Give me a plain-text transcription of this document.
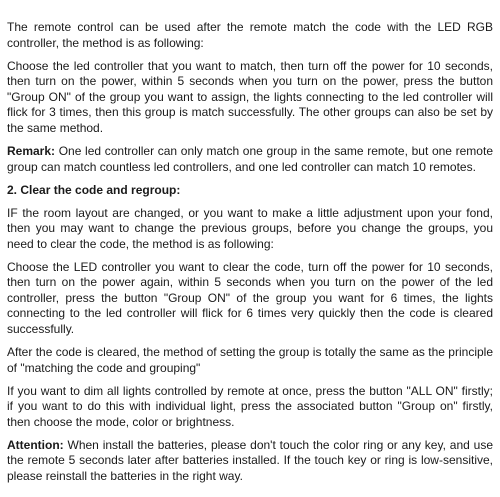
The remote control can be used after the remote match the code with the LED RGB controller, the method is as following:

Choose the led controller that you want to match, then turn off the power for 10 seconds, then turn on the power, within 5 seconds when you turn on the power, press the button "Group ON" of the group you want to assign, the lights connecting to the led controller will flick for 3 times, then this group is match successfully. The other groups can also be set by the same method.

Remark: One led controller can only match one group in the same remote, but one remote group can match countless led controllers, and one led controller can match 10 remotes.

2. Clear the code and regroup:

IF the room layout are changed, or you want to make a little adjustment upon your fond, then you may want to change the previous groups, before you change the groups, you need to clear the code, the method is as following:

Choose the LED controller you want to clear the code, turn off the power for 10 seconds, then turn on the power again, within 5 seconds when you turn on the power of the led controller, press the button "Group ON" of the group you want for 6 times, the lights connecting to the led controller will flick for 6 times very quickly then the code is cleared successfully.

After the code is cleared, the method of setting the group is totally the same as the principle of "matching the code and grouping"

If you want to dim all lights controlled by remote at once, press the button "ALL ON" firstly; if you want to do this with individual light, press the associated button "Group on" firstly, then choose the mode, color or brightness.

Attention: When install the batteries, please don't touch the color ring or any key, and use the remote 5 seconds later after batteries installed. If the touch key or ring is low-sensitive, please reinstall the batteries in the right way.
